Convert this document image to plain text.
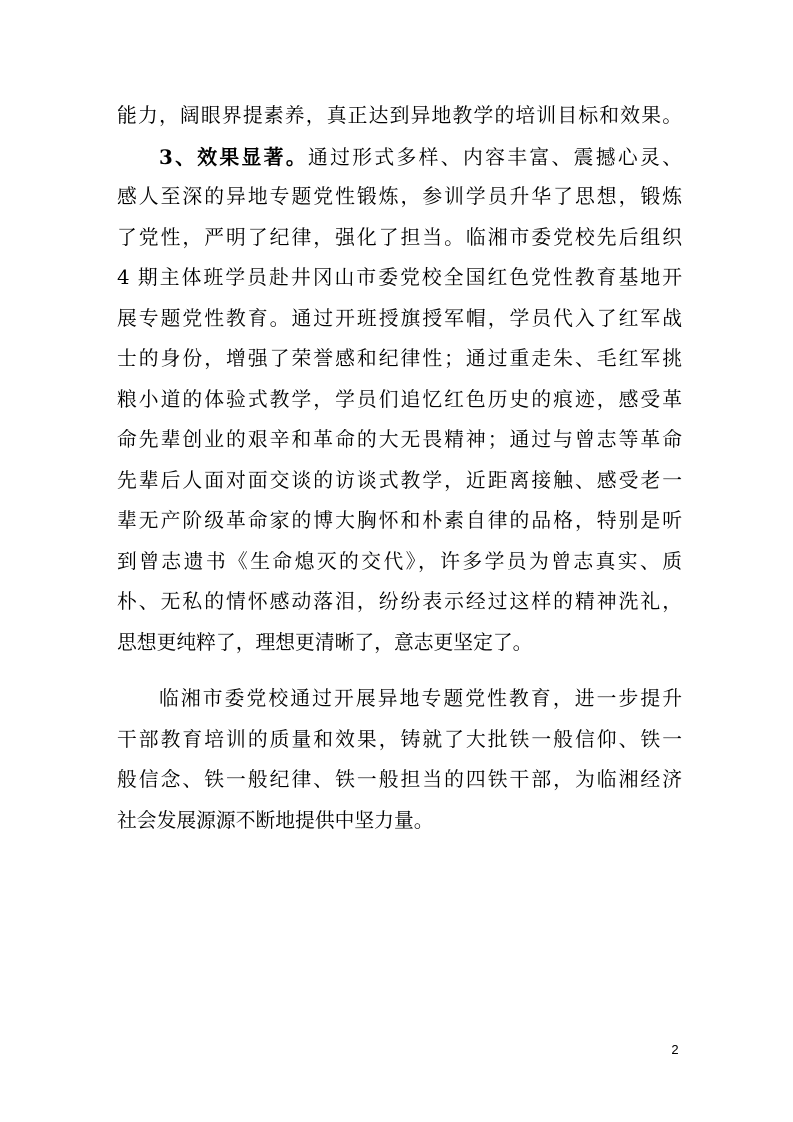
能力，阔眼界提素养，真正达到异地教学的培训目标和效果。
3、效果显著。通过形式多样、内容丰富、震撼心灵、
感人至深的异地专题党性锻炼，参训学员升华了思想，锻炼
了党性，严明了纪律，强化了担当。临湘市委党校先后组织
4 期主体班学员赴井冈山市委党校全国红色党性教育基地开
展专题党性教育。通过开班授旗授军帽，学员代入了红军战
士的身份，增强了荣誉感和纪律性；通过重走朱、毛红军挑
粮小道的体验式教学，学员们追忆红色历史的痕迹，感受革
命先辈创业的艰辛和革命的大无畏精神；通过与曾志等革命
先辈后人面对面交谈的访谈式教学，近距离接触、感受老一
辈无产阶级革命家的博大胸怀和朴素自律的品格，特别是听
到曾志遗书《生命熄灭的交代》，许多学员为曾志真实、质
朴、无私的情怀感动落泪，纷纷表示经过这样的精神洗礼，
思想更纯粹了，理想更清晰了，意志更坚定了。
临湘市委党校通过开展异地专题党性教育，进一步提升
干部教育培训的质量和效果，铸就了大批铁一般信仰、铁一
般信念、铁一般纪律、铁一般担当的四铁干部，为临湘经济
社会发展源源不断地提供中坚力量。
2
